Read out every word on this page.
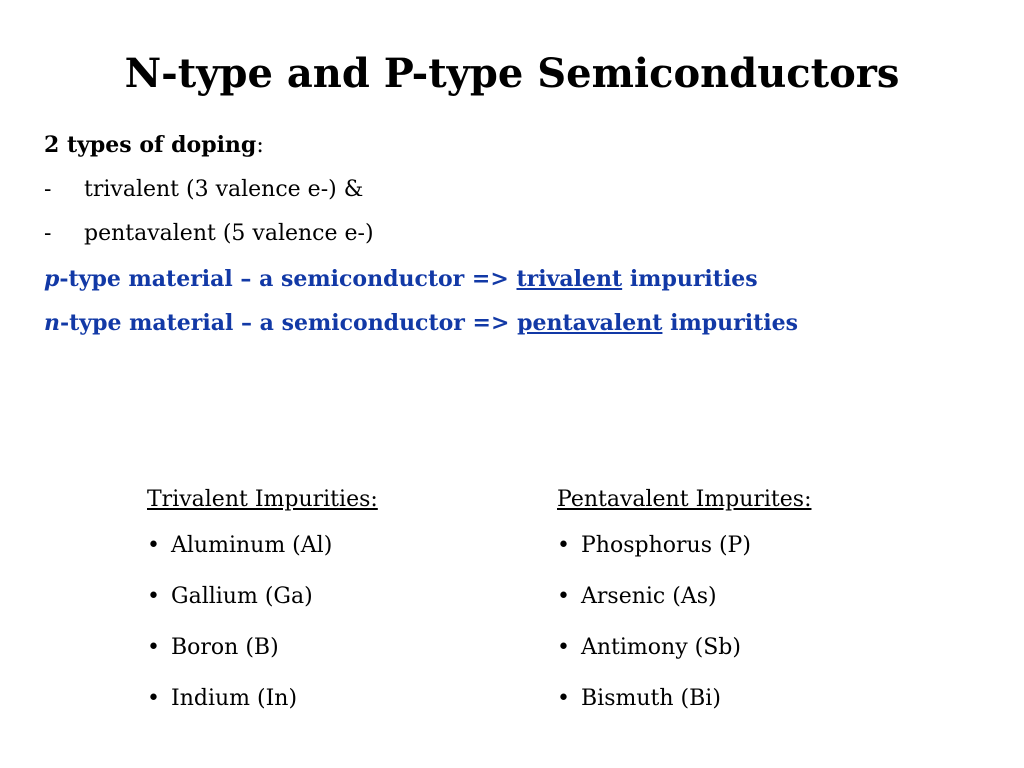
N-type and P-type Semiconductors
2 types of doping:
- trivalent (3 valence e-) &
- pentavalent (5 valence e-)
p-type material – a semiconductor => trivalent impurities
n-type material – a semiconductor => pentavalent impurities
Trivalent Impurities:
• Aluminum (Al)
• Gallium (Ga)
• Boron (B)
• Indium (In)
Pentavalent Impurites:
• Phosphorus (P)
• Arsenic (As)
• Antimony (Sb)
• Bismuth (Bi)
